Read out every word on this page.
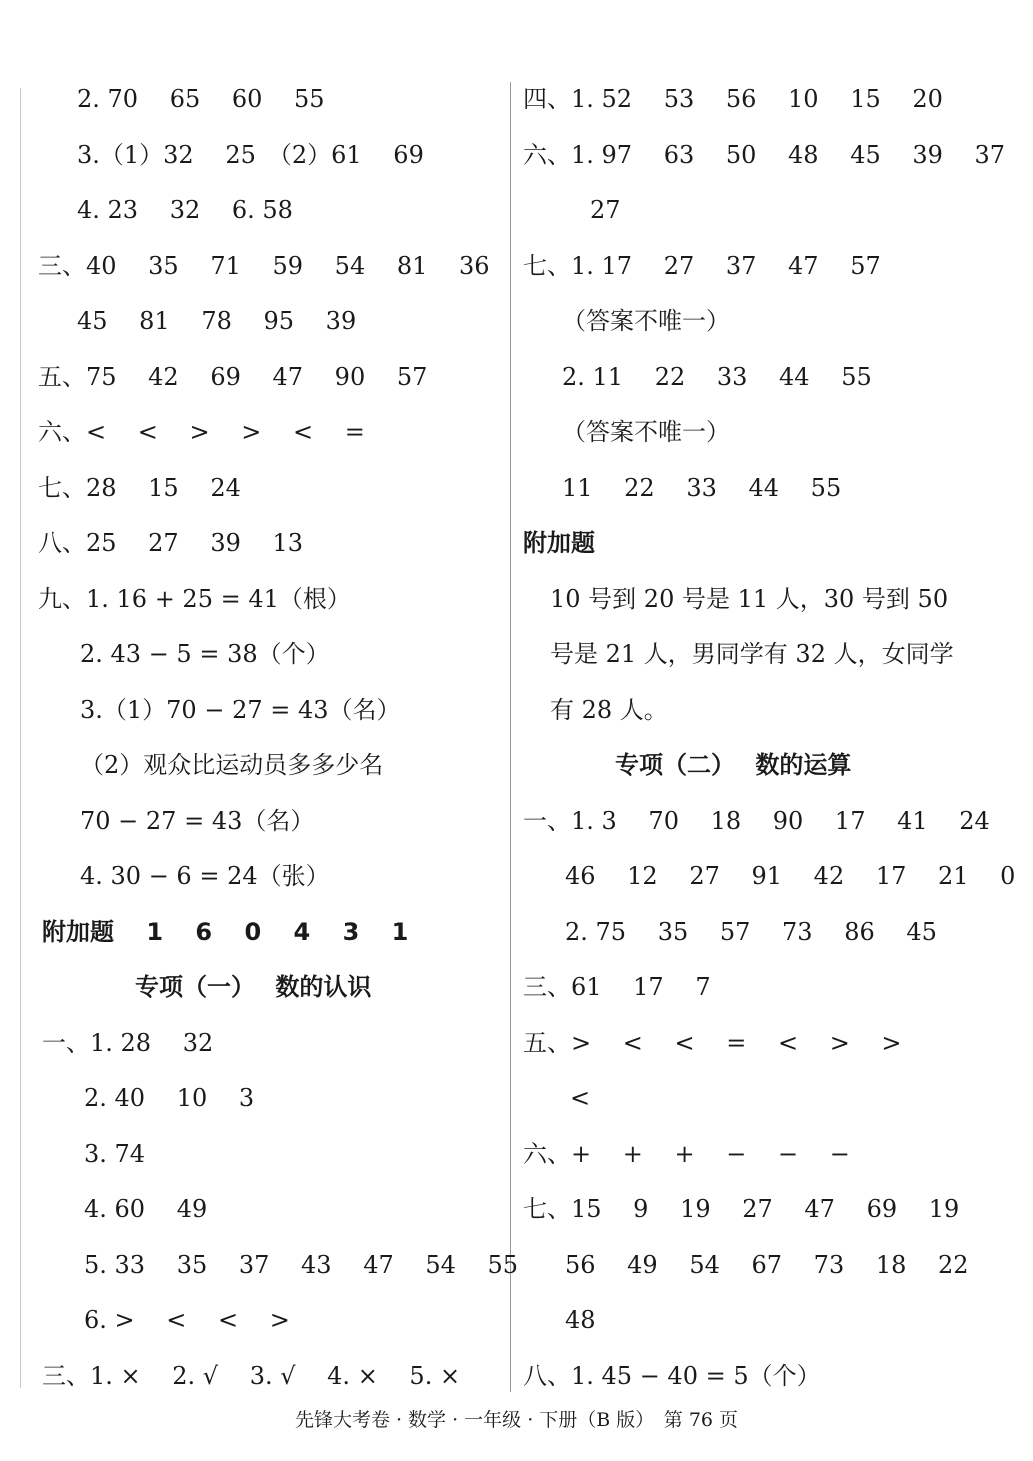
2. 70　 65　 60　 55
3.（1）32　 25　（2）61　 69
4. 23　 32　 6. 58
三、40　 35　 71　 59　 54　 81　 36
45　 81　 78　 95　 39
五、75　 42　 69　 47　 90　 57
六、<　 <　 >　 >　 <　 =
七、28　 15　 24
八、25　 27　 39　 13
九、1. 16 + 25 = 41（根）
2. 43 − 5 = 38（个）
3.（1）70 − 27 = 43（名）
（2）观众比运动员多多少名
70 − 27 = 43（名）
4. 30 − 6 = 24（张）
附加题　 1　 6　 0　 4　 3　 1
专项（一）　 数的认识
一、1. 28　 32
2. 40　 10　 3
3. 74
4. 60　 49
5. 33　 35　 37　 43　 47　 54　 55
6. >　 <　 <　 >
三、1. ×　 2. √　 3. √　 4. ×　 5. ×
四、1. 52　 53　 56　 10　 15　 20
六、1. 97　 63　 50　 48　 45　 39　 37
27
七、1. 17　 27　 37　 47　 57
（答案不唯一）
2. 11　 22　 33　 44　 55
（答案不唯一）
11　 22　 33　 44　 55
附加题
10 号到 20 号是 11 人，30 号到 50
号是 21 人，男同学有 32 人，女同学
有 28 人。
专项（二）　 数的运算
一、1. 3　 70　 18　 90　 17　 41　 24
46　 12　 27　 91　 42　 17　 21　 0
2. 75　 35　 57　 73　 86　 45
三、61　 17　 7
五、>　 <　 <　 =　 <　 >　 >
<
六、+　 +　 +　 −　 −　 −
七、15　 9　 19　 27　 47　 69　 19
56　 49　 54　 67　 73　 18　 22
48
八、1. 45 − 40 = 5（个）
先锋大考卷 · 数学 · 一年级 · 下册（B 版）　第 76 页
